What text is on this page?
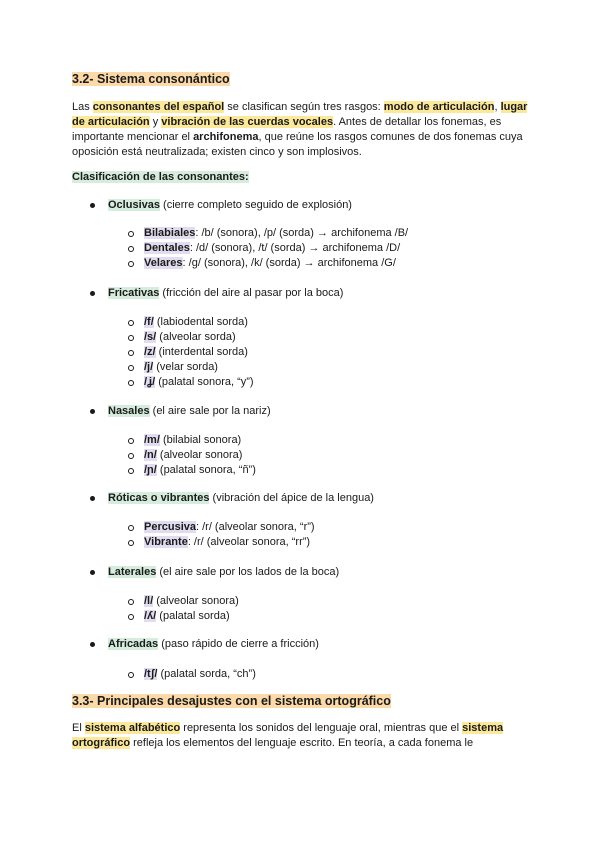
3.2- Sistema consonántico

Las consonantes del español se clasifican según tres rasgos: modo de articulación, lugar de articulación y vibración de las cuerdas vocales. Antes de detallar los fonemas, es importante mencionar el archifonema, que reúne los rasgos comunes de dos fonemas cuya oposición está neutralizada; existen cinco y son implosivos.

Clasificación de las consonantes:
Oclusivas (cierre completo seguido de explosión)
Bilabiales: /b/ (sonora), /p/ (sorda) → archifonema /B/
Dentales: /d/ (sonora), /t/ (sorda) → archifonema /D/
Velares: /g/ (sonora), /k/ (sorda) → archifonema /G/
Fricativas (fricción del aire al pasar por la boca)
/f/ (labiodental sorda)
/s/ (alveolar sorda)
/z/ (interdental sorda)
/j/ (velar sorda)
/ʝ/ (palatal sonora, “y”)
Nasales (el aire sale por la nariz)
/m/ (bilabial sonora)
/n/ (alveolar sonora)
/ɲ/ (palatal sonora, “ñ”)
Róticas o vibrantes (vibración del ápice de la lengua)
Percusiva: /r/ (alveolar sonora, “r”)
Vibrante: /r/ (alveolar sonora, “rr”)
Laterales (el aire sale por los lados de la boca)
/l/ (alveolar sonora)
/ʎ/ (palatal sorda)
Africadas (paso rápido de cierre a fricción)
/tʃ/ (palatal sorda, “ch”)
3.3- Principales desajustes con el sistema ortográfico

El sistema alfabético representa los sonidos del lenguaje oral, mientras que el sistema ortográfico refleja los elementos del lenguaje escrito. En teoría, a cada fonema le
